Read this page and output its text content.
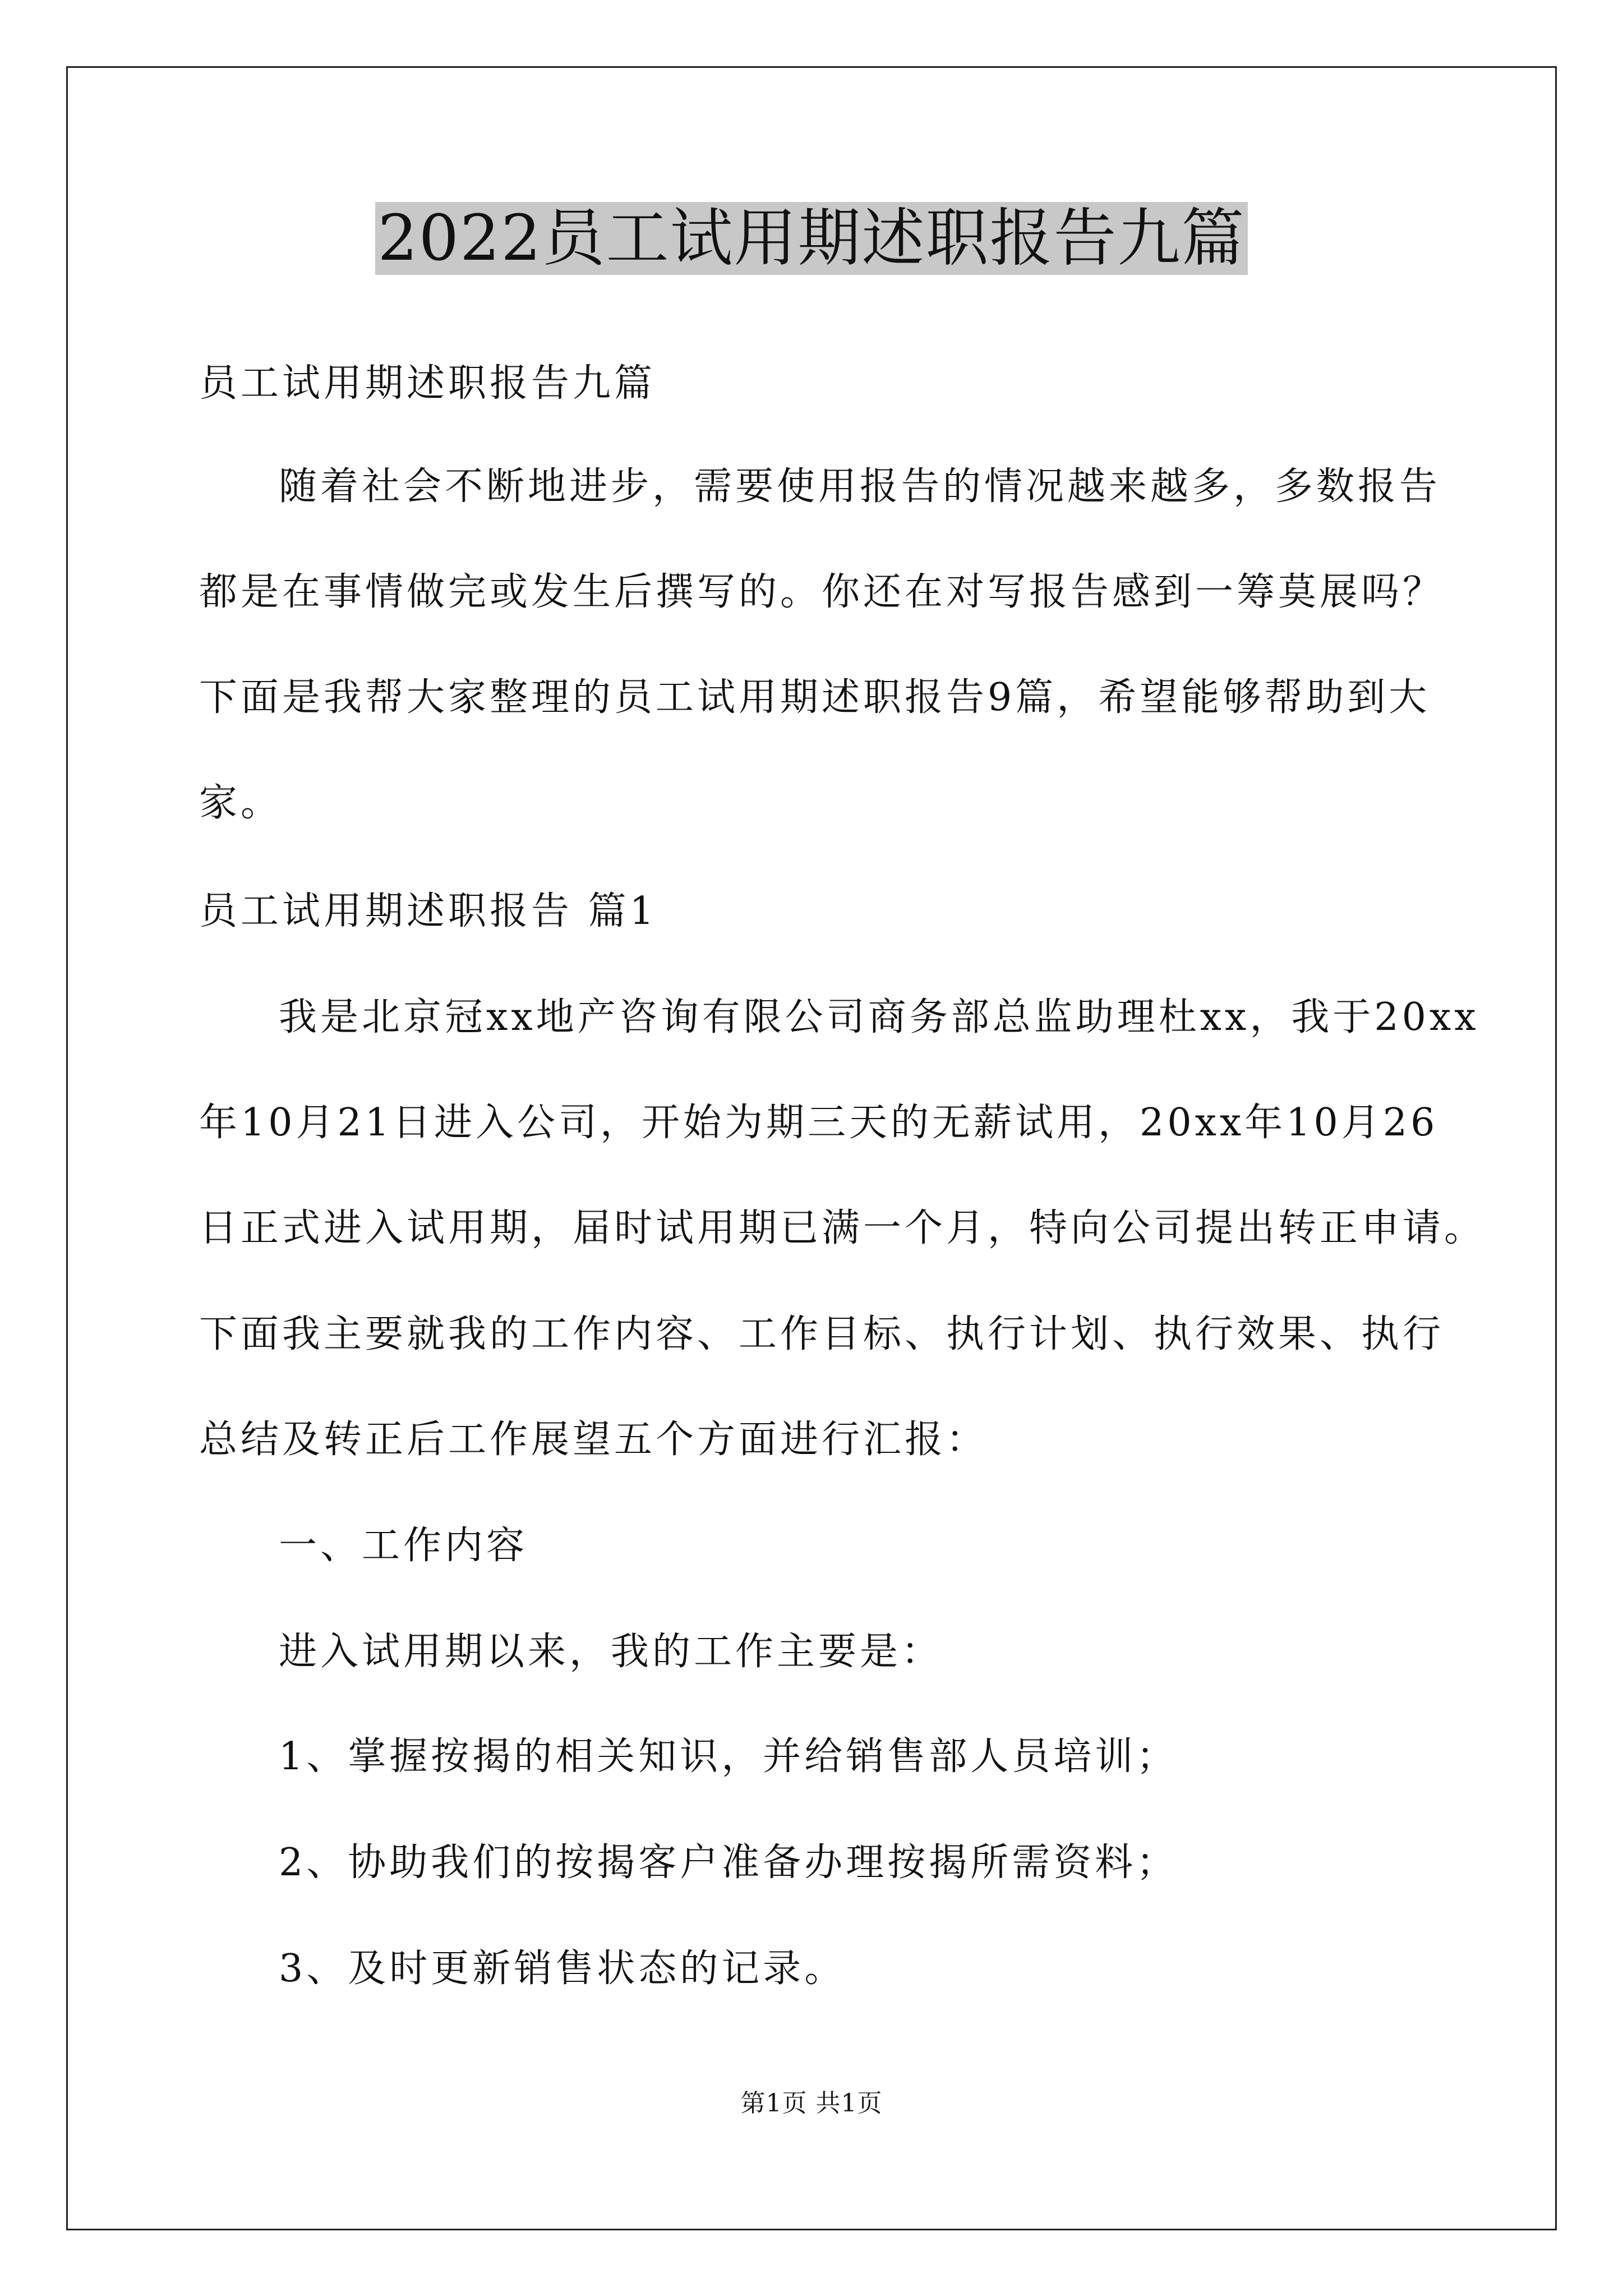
2022员工试用期述职报告九篇
员工试用期述职报告九篇
随着社会不断地进步，需要使用报告的情况越来越多，多数报告
都是在事情做完或发生后撰写的。你还在对写报告感到一筹莫展吗？
下面是我帮大家整理的员工试用期述职报告9篇，希望能够帮助到大
家。
员工试用期述职报告 篇1
我是北京冠xx地产咨询有限公司商务部总监助理杜xx，我于20xx
年10月21日进入公司，开始为期三天的无薪试用，20xx年10月26
日正式进入试用期，届时试用期已满一个月，特向公司提出转正申请。
下面我主要就我的工作内容、工作目标、执行计划、执行效果、执行
总结及转正后工作展望五个方面进行汇报：
一、工作内容
进入试用期以来，我的工作主要是：
1、掌握按揭的相关知识，并给销售部人员培训；
2、协助我们的按揭客户准备办理按揭所需资料；
3、及时更新销售状态的记录。
第1页 共1页
